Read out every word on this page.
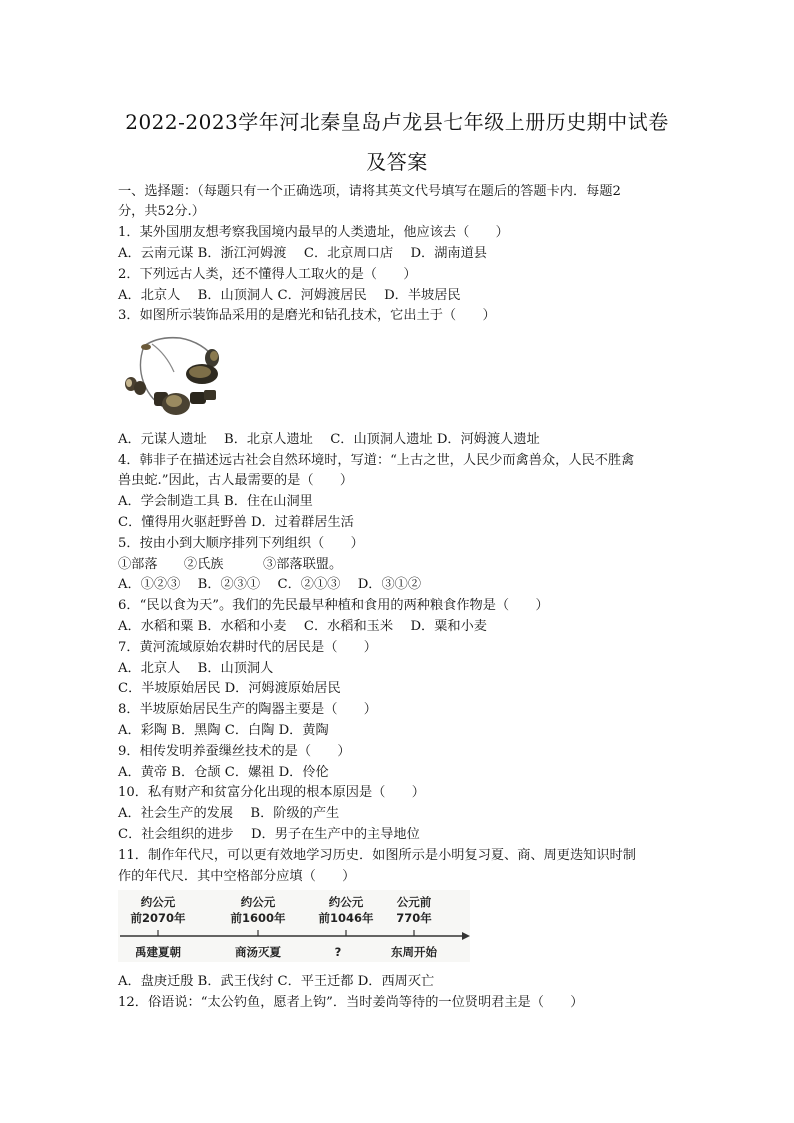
2022-2023学年河北秦皇岛卢龙县七年级上册历史期中试卷
及答案
一、选择题：（每题只有一个正确选项，请将其英文代号填写在题后的答题卡内．每题2
分，共52分.）
1．某外国朋友想考察我国境内最早的人类遗址，他应该去（　　）
A．云南元谋 B．浙江河姆渡　 C．北京周口店　 D．湖南道县
2．下列远古人类，还不懂得人工取火的是（　　）
A．北京人　 B．山顶洞人 C．河姆渡居民　 D．半坡居民
3．如图所示装饰品采用的是磨光和钻孔技术，它出土于（　　）
A．元谋人遗址　 B．北京人遗址　 C．山顶洞人遗址 D．河姆渡人遗址
4．韩非子在描述远古社会自然环境时，写道：“上古之世，人民少而禽兽众，人民不胜禽
兽虫蛇.”因此，古人最需要的是（　　）
A．学会制造工具 B．住在山洞里
C．懂得用火驱赶野兽 D．过着群居生活
5．按由小到大顺序排列下列组织（　　）
①部落　　②氏族　　　③部落联盟。
A．①②③　 B．②③①　 C．②①③　 D．③①②
6．“民以食为天”。我们的先民最早种植和食用的两种粮食作物是（　　）
A．水稻和粟 B．水稻和小麦　 C．水稻和玉米　 D．粟和小麦
7．黄河流域原始农耕时代的居民是（　　）
A．北京人　 B．山顶洞人
C．半坡原始居民 D．河姆渡原始居民
8．半坡原始居民生产的陶器主要是（　　）
A．彩陶 B．黑陶 C．白陶 D．黄陶
9．相传发明养蚕缫丝技术的是（　　）
A．黄帝 B．仓颉 C．嫘祖 D．伶伦
10．私有财产和贫富分化出现的根本原因是（　　）
A．社会生产的发展　 B．阶级的产生
C．社会组织的进步　 D．男子在生产中的主导地位
11．制作年代尺，可以更有效地学习历史．如图所示是小明复习夏、商、周更迭知识时制
作的年代尺．其中空格部分应填（　　）
约公元
前2070年
约公元
前1600年
约公元
前1046年
公元前
770年
禹建夏朝	商汤灭夏	?	东周开始
A．盘庚迁殷 B．武王伐纣 C．平王迁都 D．西周灭亡
12．俗语说：“太公钓鱼，愿者上钩”．当时姜尚等待的一位贤明君主是（　　）
